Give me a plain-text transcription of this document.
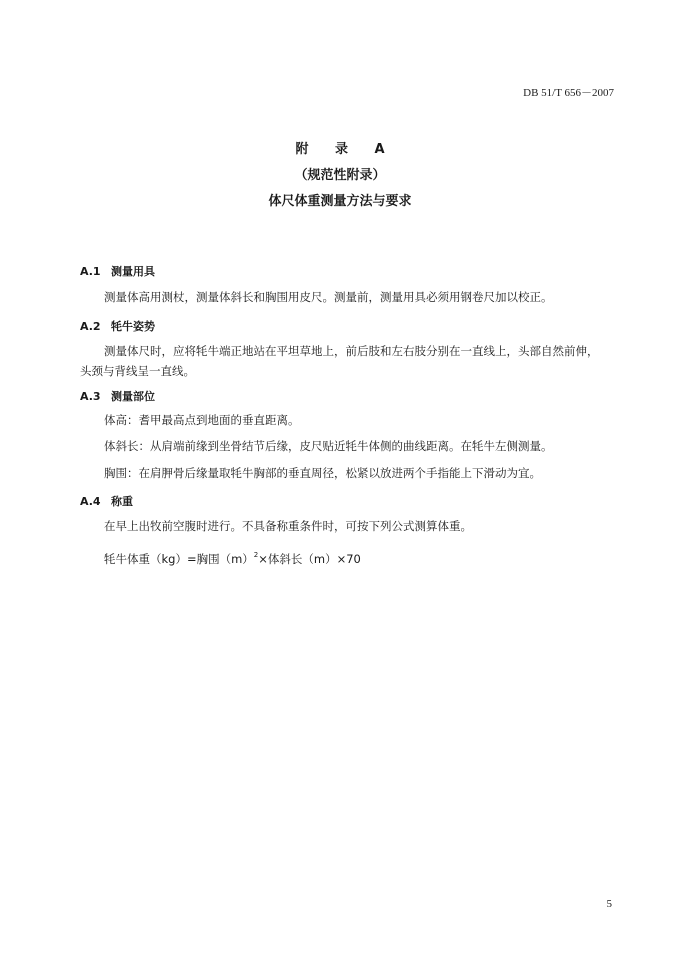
DB 51/T 656－2007
附 录 A
（规范性附录）
体尺体重测量方法与要求
A.1 测量用具
测量体高用测杖，测量体斜长和胸围用皮尺。测量前，测量用具必须用钢卷尺加以校正。
A.2 牦牛姿势
测量体尺时，应将牦牛端正地站在平坦草地上，前后肢和左右肢分别在一直线上，头部自然前伸，
头颈与背线呈一直线。
A.3 测量部位
体高：耆甲最高点到地面的垂直距离。
体斜长：从肩端前缘到坐骨结节后缘，皮尺贴近牦牛体侧的曲线距离。在牦牛左侧测量。
胸围：在肩胛骨后缘量取牦牛胸部的垂直周径，松紧以放进两个手指能上下滑动为宜。
A.4 称重
在早上出牧前空腹时进行。不具备称重条件时，可按下列公式测算体重。
牦牛体重（kg）=胸围$(m)^2\times$体斜长（m）×70
5
